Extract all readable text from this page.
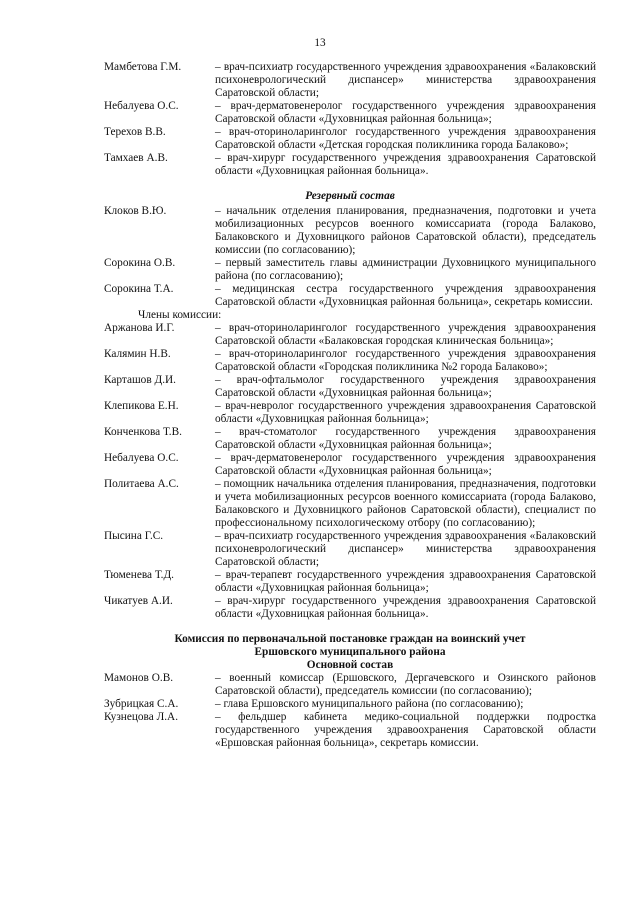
13
Мамбетова Г.М.	– врач-психиатр государственного учреждения здравоохранения «Балаковский психоневрологический диспансер» министерства здравоохранения Саратовской области;
Небалуева О.С.	– врач-дерматовенеролог государственного учреждения здравоохранения Саратовской области «Духовницкая районная больница»;
Терехов В.В.	– врач-оториноларинголог государственного учреждения здравоохранения Саратовской области «Детская городская поликлиника города Балаково»;
Тамхаев А.В.	– врач-хирург государственного учреждения здравоохранения Саратовской области «Духовницкая районная больница».
Резервный состав
Клоков В.Ю.	– начальник отделения планирования, предназначения, подготовки и учета мобилизационных ресурсов военного комиссариата (города Балаково, Балаковского и Духовницкого районов Саратовской области), председатель комиссии (по согласованию);
Сорокина О.В.	– первый заместитель главы администрации Духовницкого муниципального района (по согласованию);
Сорокина Т.А.	– медицинская сестра государственного учреждения здравоохранения Саратовской области «Духовницкая районная больница», секретарь комиссии.
Члены комиссии:
Аржанова И.Г.	– врач-оториноларинголог государственного учреждения здравоохранения Саратовской области «Балаковская городская клиническая больница»;
Калямин Н.В.	– врач-оториноларинголог государственного учреждения здравоохранения Саратовской области «Городская поликлиника №2 города Балаково»;
Карташов Д.И.	– врач-офтальмолог государственного учреждения здравоохранения Саратовской области «Духовницкая районная больница»;
Клепикова Е.Н.	– врач-невролог государственного учреждения здравоохранения Саратовской области «Духовницкая районная больница»;
Конченкова Т.В.	– врач-стоматолог государственного учреждения здравоохранения Саратовской области «Духовницкая районная больница»;
Небалуева О.С.	– врач-дерматовенеролог государственного учреждения здравоохранения Саратовской области «Духовницкая районная больница»;
Политаева А.С.	– помощник начальника отделения планирования, предназначения, подготовки и учета мобилизационных ресурсов военного комиссариата (города Балаково, Балаковского и Духовницкого районов Саратовской области), специалист по профессиональному психологическому отбору (по согласованию);
Пысина Г.С.	– врач-психиатр государственного учреждения здравоохранения «Балаковский психоневрологический диспансер» министерства здравоохранения Саратовской области;
Тюменева Т.Д.	– врач-терапевт государственного учреждения здравоохранения Саратовской области «Духовницкая районная больница»;
Чикатуев А.И.	– врач-хирург государственного учреждения здравоохранения Саратовской области «Духовницкая районная больница».
Комиссия по первоначальной постановке граждан на воинский учет
Ершовского муниципального района
Основной состав
Мамонов О.В.	– военный комиссар (Ершовского, Дергачевского и Озинского районов Саратовской области), председатель комиссии (по согласованию);
Зубрицкая С.А.	– глава Ершовского муниципального района (по согласованию);
Кузнецова Л.А.	– фельдшер кабинета медико-социальной поддержки подростка государственного учреждения здравоохранения Саратовской области «Ершовская районная больница», секретарь комиссии.
